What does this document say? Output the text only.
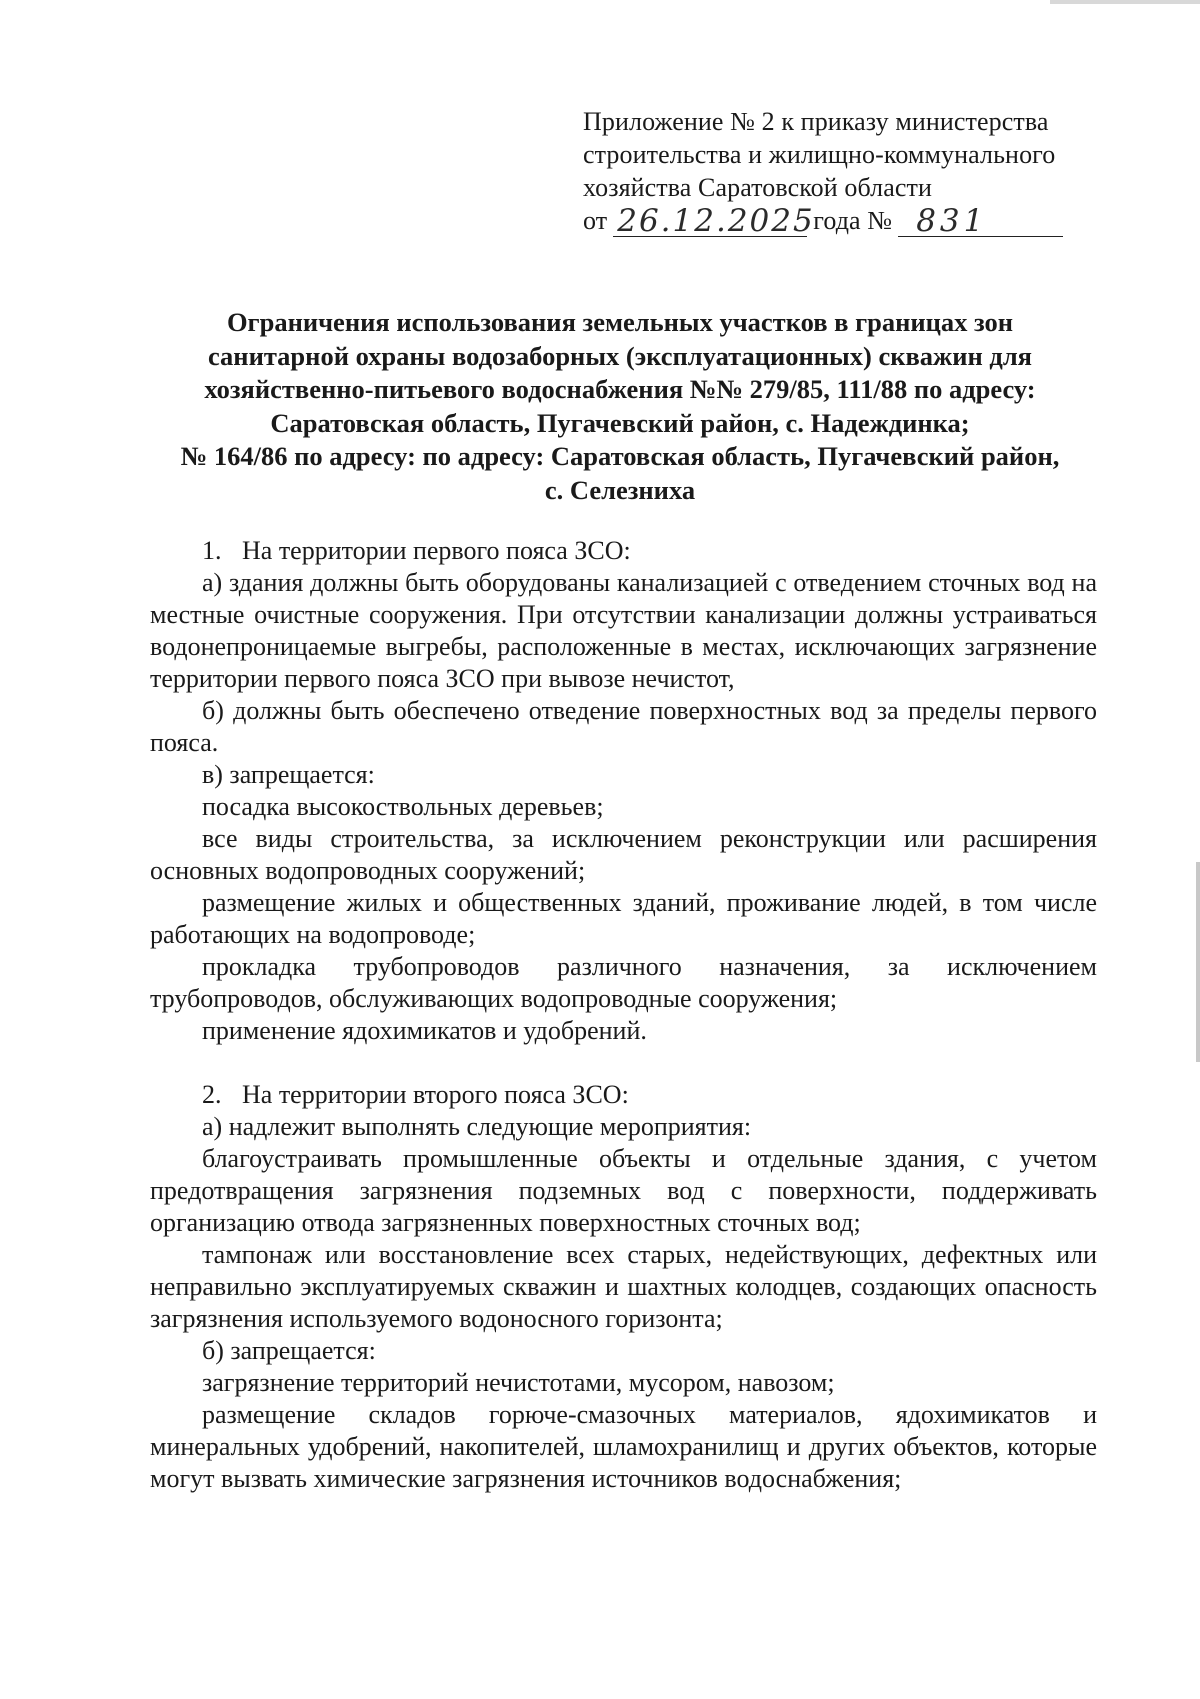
Приложение № 2 к приказу министерства
строительства и жилищно-коммунального
хозяйства Саратовской области
от 26.12.2025
года № 831
Ограничения использования земельных участков в границах зон
санитарной охраны водозаборных (эксплуатационных) скважин для
хозяйственно-питьевого водоснабжения №№ 279/85, 111/88 по адресу:
Саратовская область, Пугачевский район, с. Надеждинка;
№ 164/86 по адресу: по адресу: Саратовская область, Пугачевский район,
с. Селезниха

1. На территории первого пояса ЗСО:

а) здания должны быть оборудованы канализацией с отведением сточных вод на местные очистные сооружения. При отсутствии канализации должны устраиваться водонепроницаемые выгребы, расположенные в местах, исключающих загрязнение территории первого пояса ЗСО при вывозе нечистот,

б) должны быть обеспечено отведение поверхностных вод за пределы первого пояса.

в) запрещается:

посадка высокоствольных деревьев;

все виды строительства, за исключением реконструкции или расширения основных водопроводных сооружений;

размещение жилых и общественных зданий, проживание людей, в том числе работающих на водопроводе;

прокладка трубопроводов различного назначения, за исключением трубопроводов, обслуживающих водопроводные сооружения;

применение ядохимикатов и удобрений.

2. На территории второго пояса ЗСО:

а) надлежит выполнять следующие мероприятия:

благоустраивать промышленные объекты и отдельные здания, с учетом предотвращения загрязнения подземных вод с поверхности, поддерживать организацию отвода загрязненных поверхностных сточных вод;

тампонаж или восстановление всех старых, недействующих, дефектных или неправильно эксплуатируемых скважин и шахтных колодцев, создающих опасность загрязнения используемого водоносного горизонта;

б) запрещается:

загрязнение территорий нечистотами, мусором, навозом;

размещение складов горюче-смазочных материалов, ядохимикатов и минеральных удобрений, накопителей, шламохранилищ и других объектов, которые могут вызвать химические загрязнения источников водоснабжения;
